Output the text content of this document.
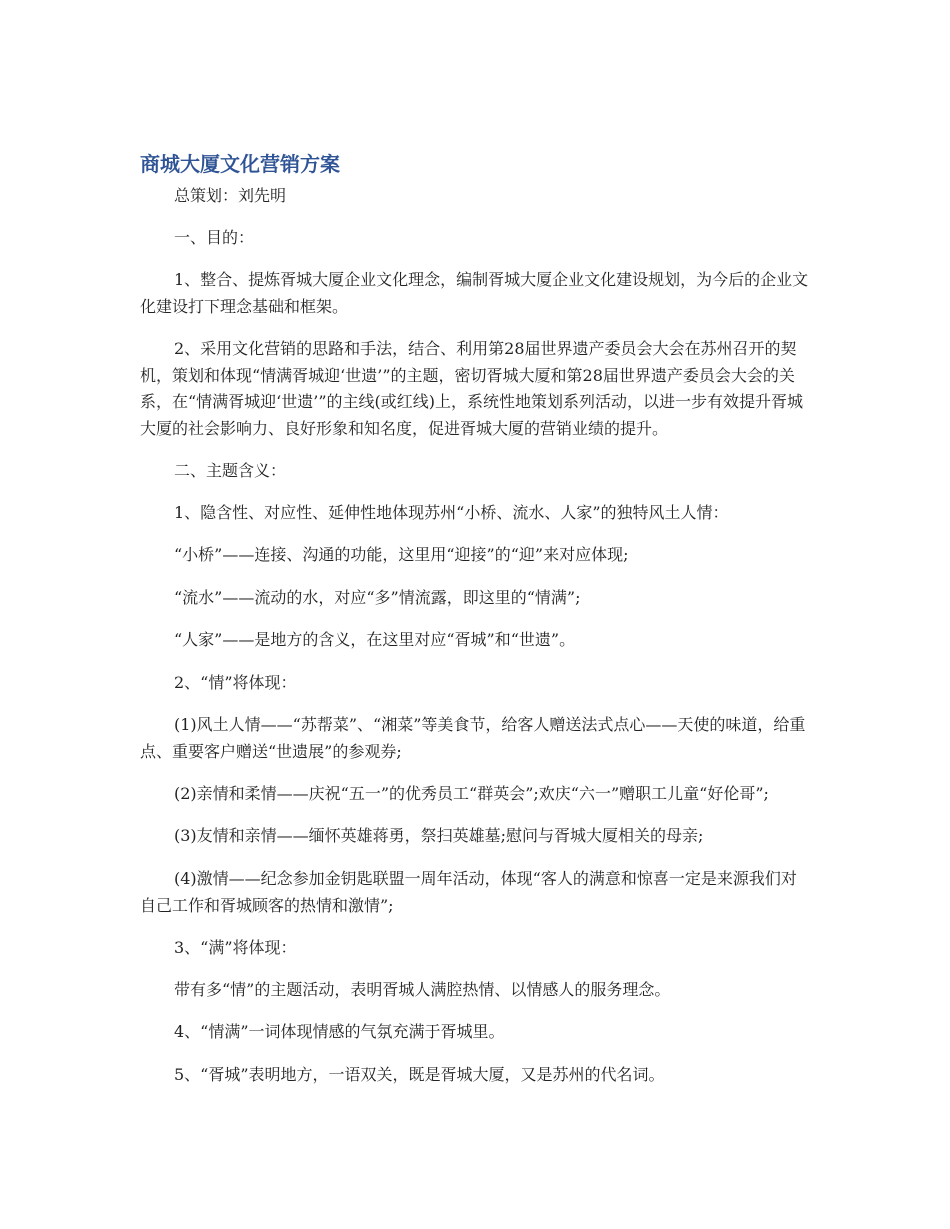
商城大厦文化营销方案

总策划：刘先明

一、目的：

1、整合、提炼胥城大厦企业文化理念，编制胥城大厦企业文化建设规划，为今后的企业文化建设打下理念基础和框架。

2、采用文化营销的思路和手法，结合、利用第28届世界遗产委员会大会在苏州召开的契机，策划和体现“情满胥城迎‘世遗’”的主题，密切胥城大厦和第28届世界遗产委员会大会的关系，在“情满胥城迎‘世遗’”的主线(或红线)上，系统性地策划系列活动，以进一步有效提升胥城大厦的社会影响力、良好形象和知名度，促进胥城大厦的营销业绩的提升。

二、主题含义：

1、隐含性、对应性、延伸性地体现苏州“小桥、流水、人家”的独特风土人情：

“小桥”——连接、沟通的功能，这里用“迎接”的“迎”来对应体现;

“流水”——流动的水，对应“多”情流露，即这里的“情满”;

“人家”——是地方的含义，在这里对应“胥城”和“世遗”。

2、“情”将体现：

(1)风土人情——“苏帮菜”、“湘菜”等美食节，给客人赠送法式点心——天使的味道，给重点、重要客户赠送“世遗展”的参观券;

(2)亲情和柔情——庆祝“五一”的优秀员工“群英会”;欢庆“六一”赠职工儿童“好伦哥”;

(3)友情和亲情——缅怀英雄蒋勇，祭扫英雄墓;慰问与胥城大厦相关的母亲;

(4)激情——纪念参加金钥匙联盟一周年活动，体现“客人的满意和惊喜一定是来源我们对自己工作和胥城顾客的热情和激情”;

3、“满”将体现：

带有多“情”的主题活动，表明胥城人满腔热情、以情感人的服务理念。

4、“情满”一词体现情感的气氛充满于胥城里。

5、“胥城”表明地方，一语双关，既是胥城大厦，又是苏州的代名词。
